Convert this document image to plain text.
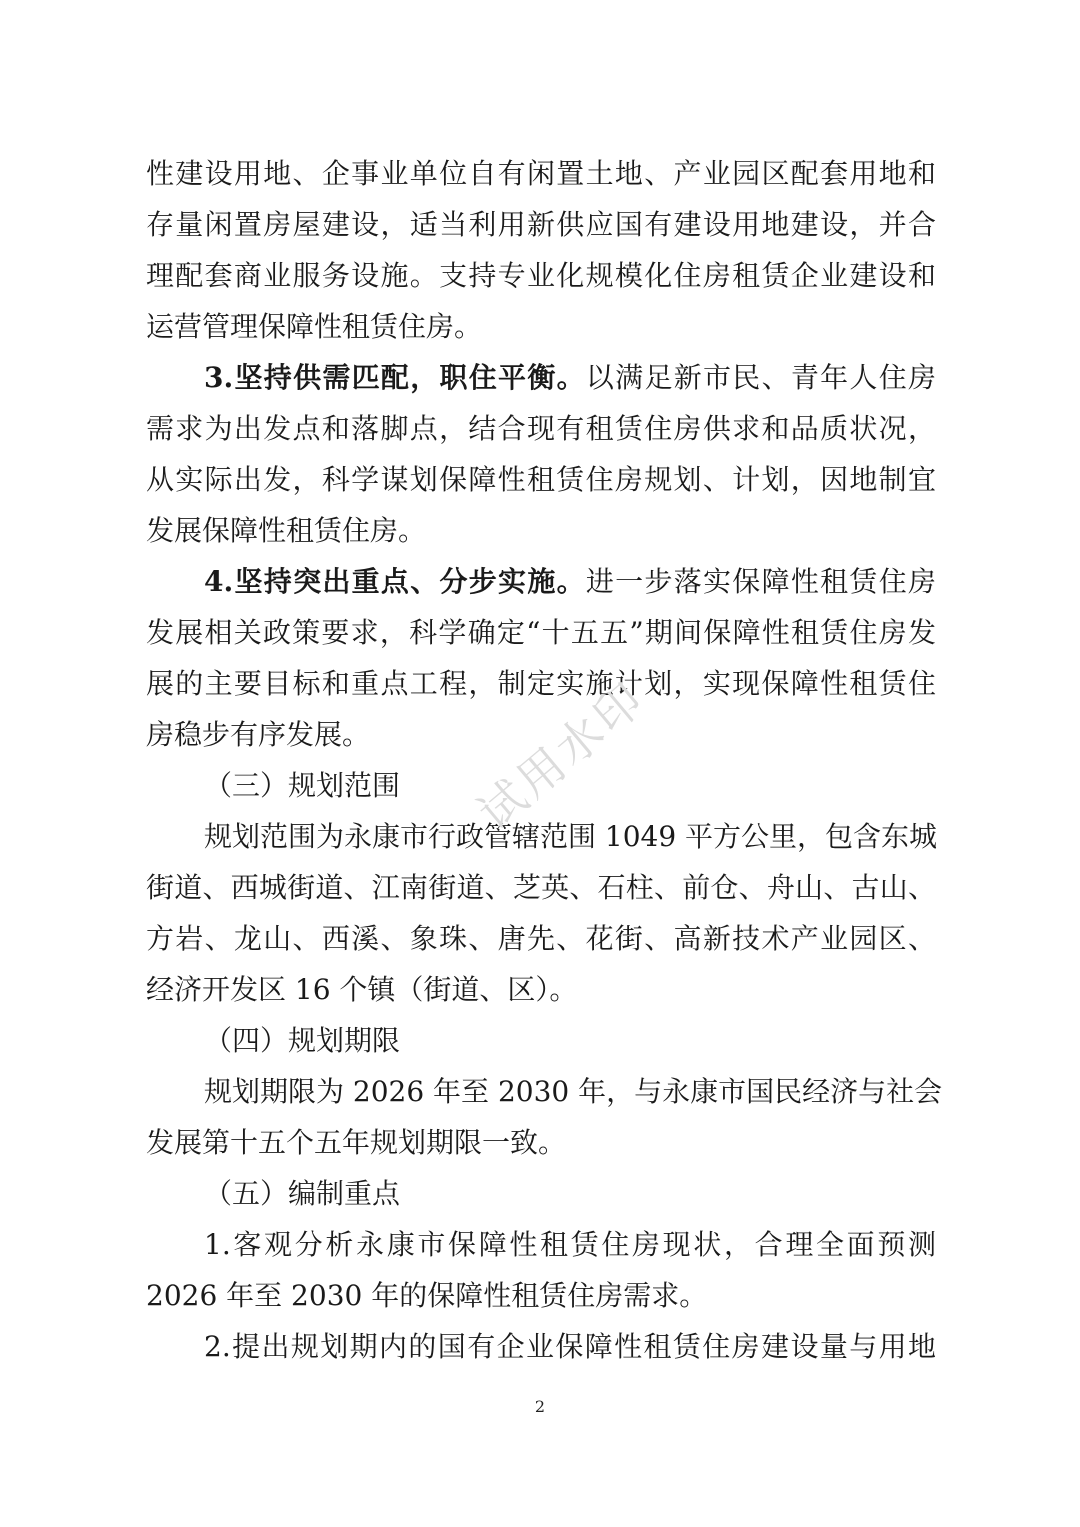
性建设用地、企事业单位自有闲置土地、产业园区配套用地和
存量闲置房屋建设，适当利用新供应国有建设用地建设，并合
理配套商业服务设施。支持专业化规模化住房租赁企业建设和
运营管理保障性租赁住房。
3.坚持供需匹配，职住平衡。以满足新市民、青年人住房
需求为出发点和落脚点，结合现有租赁住房供求和品质状况，
从实际出发，科学谋划保障性租赁住房规划、计划，因地制宜
发展保障性租赁住房。
4.坚持突出重点、分步实施。进一步落实保障性租赁住房
发展相关政策要求，科学确定“十五五”期间保障性租赁住房发
展的主要目标和重点工程，制定实施计划，实现保障性租赁住
房稳步有序发展。
（三）规划范围
规划范围为永康市行政管辖范围 1049 平方公里，包含东城
街道、西城街道、江南街道、芝英、石柱、前仓、舟山、古山、
方岩、龙山、西溪、象珠、唐先、花街、高新技术产业园区、
经济开发区 16 个镇（街道、区）。
（四）规划期限
规划期限为 2026 年至 2030 年，与永康市国民经济与社会
发展第十五个五年规划期限一致。
（五）编制重点
1.客观分析永康市保障性租赁住房现状，合理全面预测
2026 年至 2030 年的保障性租赁住房需求。
2.提出规划期内的国有企业保障性租赁住房建设量与用地
试用水印
2
